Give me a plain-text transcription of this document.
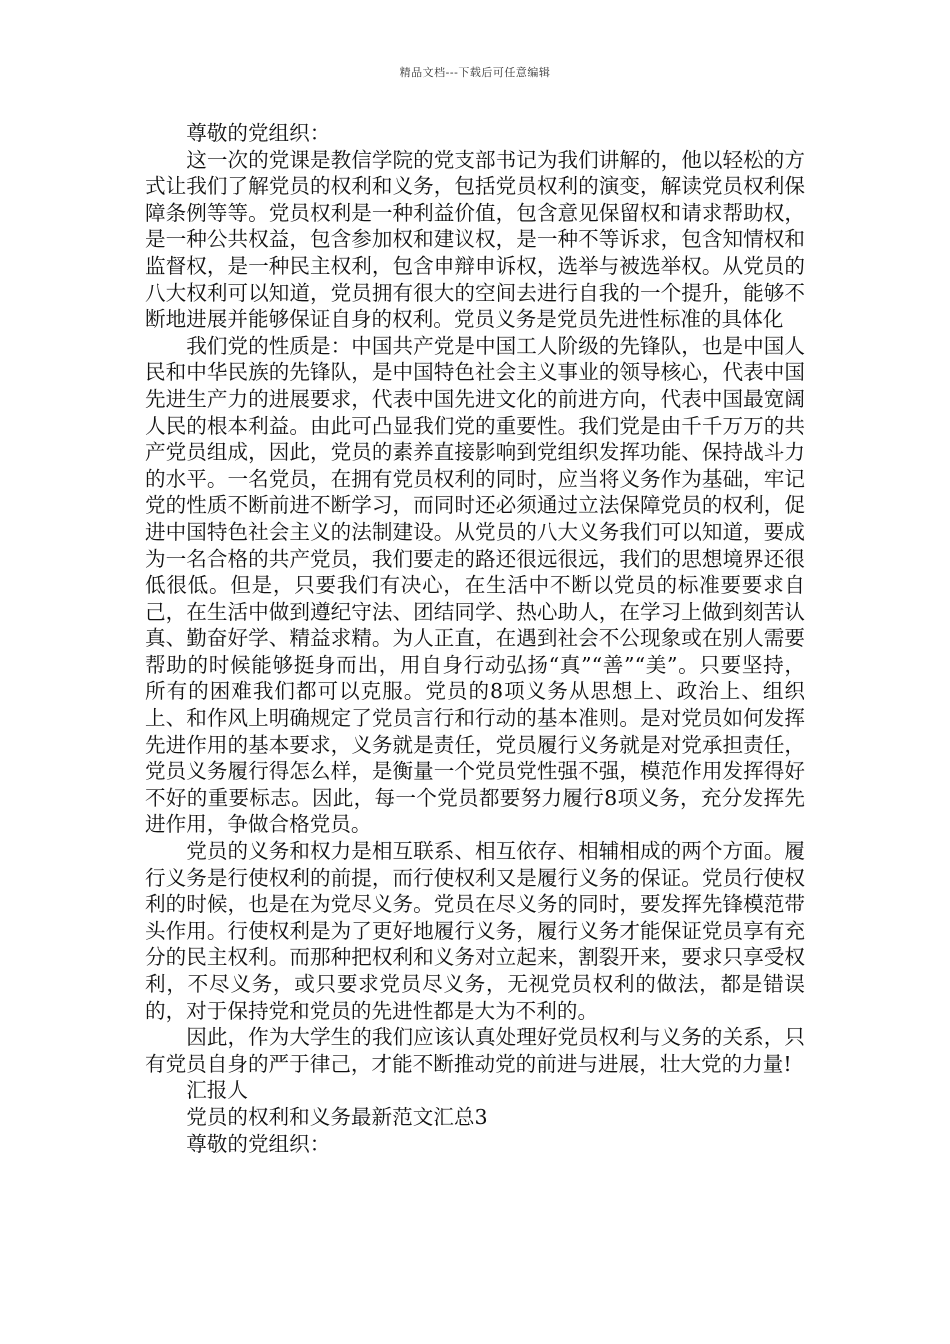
精品文档---下载后可任意编辑

尊敬的党组织：

这一次的党课是教信学院的党支部书记为我们讲解的，他以轻松的方式让我们了解党员的权利和义务，包括党员权利的演变，解读党员权利保障条例等等。党员权利是一种利益价值，包含意见保留权和请求帮助权，是一种公共权益，包含参加权和建议权，是一种不等诉求，包含知情权和监督权，是一种民主权利，包含申辩申诉权，选举与被选举权。从党员的八大权利可以知道，党员拥有很大的空间去进行自我的一个提升，能够不断地进展并能够保证自身的权利。党员义务是党员先进性标准的具体化

我们党的性质是：中国共产党是中国工人阶级的先锋队，也是中国人民和中华民族的先锋队，是中国特色社会主义事业的领导核心，代表中国先进生产力的进展要求，代表中国先进文化的前进方向，代表中国最宽阔人民的根本利益。由此可凸显我们党的重要性。我们党是由千千万万的共产党员组成，因此，党员的素养直接影响到党组织发挥功能、保持战斗力的水平。一名党员，在拥有党员权利的同时，应当将义务作为基础，牢记党的性质不断前进不断学习，而同时还必须通过立法保障党员的权利，促进中国特色社会主义的法制建设。从党员的八大义务我们可以知道，要成为一名合格的共产党员，我们要走的路还很远很远，我们的思想境界还很低很低。但是，只要我们有决心，在生活中不断以党员的标准要要求自己，在生活中做到遵纪守法、团结同学、热心助人，在学习上做到刻苦认真、勤奋好学、精益求精。为人正直，在遇到社会不公现象或在别人需要帮助的时候能够挺身而出，用自身行动弘扬“真”“善”“美”。只要坚持，所有的困难我们都可以克服。党员的8项义务从思想上、政治上、组织上、和作风上明确规定了党员言行和行动的基本准则。是对党员如何发挥先进作用的基本要求，义务就是责任，党员履行义务就是对党承担责任，党员义务履行得怎么样，是衡量一个党员党性强不强，模范作用发挥得好不好的重要标志。因此，每一个党员都要努力履行8项义务，充分发挥先进作用，争做合格党员。

党员的义务和权力是相互联系、相互依存、相辅相成的两个方面。履行义务是行使权利的前提，而行使权利又是履行义务的保证。党员行使权利的时候，也是在为党尽义务。党员在尽义务的同时，要发挥先锋模范带头作用。行使权利是为了更好地履行义务，履行义务才能保证党员享有充分的民主权利。而那种把权利和义务对立起来，割裂开来，要求只享受权利，不尽义务，或只要求党员尽义务，无视党员权利的做法，都是错误的，对于保持党和党员的先进性都是大为不利的。

因此，作为大学生的我们应该认真处理好党员权利与义务的关系，只有党员自身的严于律己，才能不断推动党的前进与进展，壮大党的力量!

汇报人

党员的权利和义务最新范文汇总3

尊敬的党组织：
